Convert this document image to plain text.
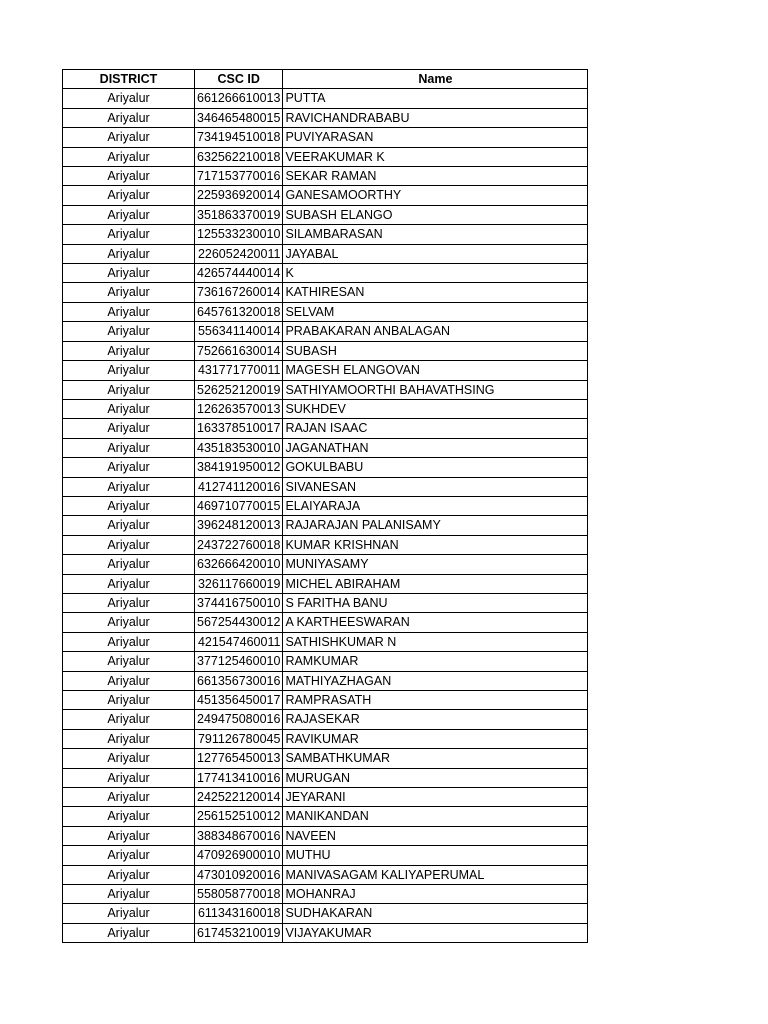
DISTRICT	CSC ID	Name
Ariyalur	661266610013	PUTTA
Ariyalur	346465480015	RAVICHANDRABABU
Ariyalur	734194510018	PUVIYARASAN
Ariyalur	632562210018	VEERAKUMAR K
Ariyalur	717153770016	SEKAR RAMAN
Ariyalur	225936920014	GANESAMOORTHY
Ariyalur	351863370019	SUBASH ELANGO
Ariyalur	125533230010	SILAMBARASAN
Ariyalur	226052420011	JAYABAL
Ariyalur	426574440014	K
Ariyalur	736167260014	KATHIRESAN
Ariyalur	645761320018	SELVAM
Ariyalur	556341140014	PRABAKARAN ANBALAGAN
Ariyalur	752661630014	SUBASH
Ariyalur	431771770011	MAGESH ELANGOVAN
Ariyalur	526252120019	SATHIYAMOORTHI BAHAVATHSING
Ariyalur	126263570013	SUKHDEV
Ariyalur	163378510017	RAJAN ISAAC
Ariyalur	435183530010	JAGANATHAN
Ariyalur	384191950012	GOKULBABU
Ariyalur	412741120016	SIVANESAN
Ariyalur	469710770015	ELAIYARAJA
Ariyalur	396248120013	RAJARAJAN PALANISAMY
Ariyalur	243722760018	KUMAR KRISHNAN
Ariyalur	632666420010	MUNIYASAMY
Ariyalur	326117660019	MICHEL ABIRAHAM
Ariyalur	374416750010	S FARITHA BANU
Ariyalur	567254430012	A KARTHEESWARAN
Ariyalur	421547460011	SATHISHKUMAR N
Ariyalur	377125460010	RAMKUMAR
Ariyalur	661356730016	MATHIYAZHAGAN
Ariyalur	451356450017	RAMPRASATH
Ariyalur	249475080016	RAJASEKAR
Ariyalur	791126780045	RAVIKUMAR
Ariyalur	127765450013	SAMBATHKUMAR
Ariyalur	177413410016	MURUGAN
Ariyalur	242522120014	JEYARANI
Ariyalur	256152510012	MANIKANDAN
Ariyalur	388348670016	NAVEEN
Ariyalur	470926900010	MUTHU
Ariyalur	473010920016	MANIVASAGAM KALIYAPERUMAL
Ariyalur	558058770018	MOHANRAJ
Ariyalur	611343160018	SUDHAKARAN
Ariyalur	617453210019	VIJAYAKUMAR
